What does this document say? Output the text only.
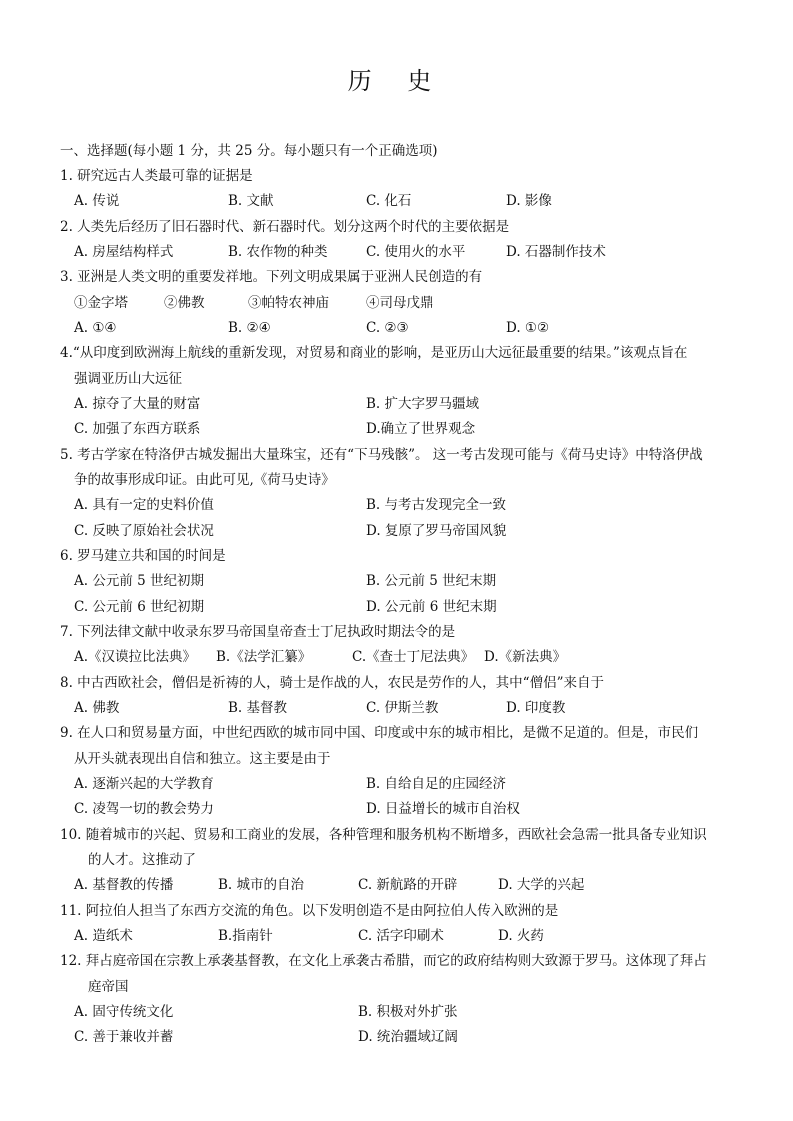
历 史
一、选择题(每小题 1 分，共 25 分。每小题只有一个正确选项)
1. 研究远古人类最可靠的证据是
A. 传说	B. 文献	C. 化石	D. 影像
2. 人类先后经历了旧石器时代、新石器时代。划分这两个时代的主要依据是
A. 房屋结构样式	B. 农作物的种类	C. 使用火的水平	D. 石器制作技术
3. 亚洲是人类文明的重要发祥地。下列文明成果属于亚洲人民创造的有
①金字塔	②佛教	③帕特农神庙	④司母戊鼎
A. ①④	B. ②④	C. ②③	D. ①②
4.“从印度到欧洲海上航线的重新发现，对贸易和商业的影响，是亚历山大远征最重要的结果。”该观点旨在
强调亚历山大远征
A. 掠夺了大量的财富	B. 扩大字罗马疆域
C. 加强了东西方联系	D.确立了世界观念
5. 考古学家在特洛伊古城发掘出大量珠宝，还有“下马残骸”。 这一考古发现可能与《荷马史诗》中特洛伊战
争的故事形成印证。由此可见,《荷马史诗》
A. 具有一定的史料价值	B. 与考古发现完全一致
C. 反映了原始社会状况	D. 复原了罗马帝国风貌
6. 罗马建立共和国的时间是
A. 公元前 5 世纪初期	B. 公元前 5 世纪末期
C. 公元前 6 世纪初期	D. 公元前 6 世纪末期
7. 下列法律文献中收录东罗马帝国皇帝查士丁尼执政时期法令的是
A.《汉谟拉比法典》 B.《法学汇纂》	C.《查士丁尼法典》 D.《新法典》
8. 中古西欧社会，僧侣是祈祷的人，骑士是作战的人，农民是劳作的人，其中“僧侣”来自于
A. 佛教	B. 基督教	C. 伊斯兰教	D. 印度教
9. 在人口和贸易量方面，中世纪西欧的城市同中国、印度或中东的城市相比，是微不足道的。但是，市民们
从开头就表现出自信和独立。这主要是由于
A. 逐渐兴起的大学教育	B. 自给自足的庄园经济
C. 凌驾一切的教会势力	D. 日益增长的城市自治权
10. 随着城市的兴起、贸易和工商业的发展，各种管理和服务机构不断增多，西欧社会急需一批具备专业知识
的人才。这推动了
A. 基督教的传播	B. 城市的自治	C. 新航路的开辟	D. 大学的兴起
11. 阿拉伯人担当了东西方交流的角色。以下发明创造不是由阿拉伯人传入欧洲的是
A. 造纸术	B.指南针	C. 活字印刷术	D. 火药
12. 拜占庭帝国在宗教上承袭基督教，在文化上承袭古希腊，而它的政府结构则大致源于罗马。这体现了拜占
庭帝国
A. 固守传统文化	B. 积极对外扩张
C. 善于兼收并蓄	D. 统治疆域辽阔
